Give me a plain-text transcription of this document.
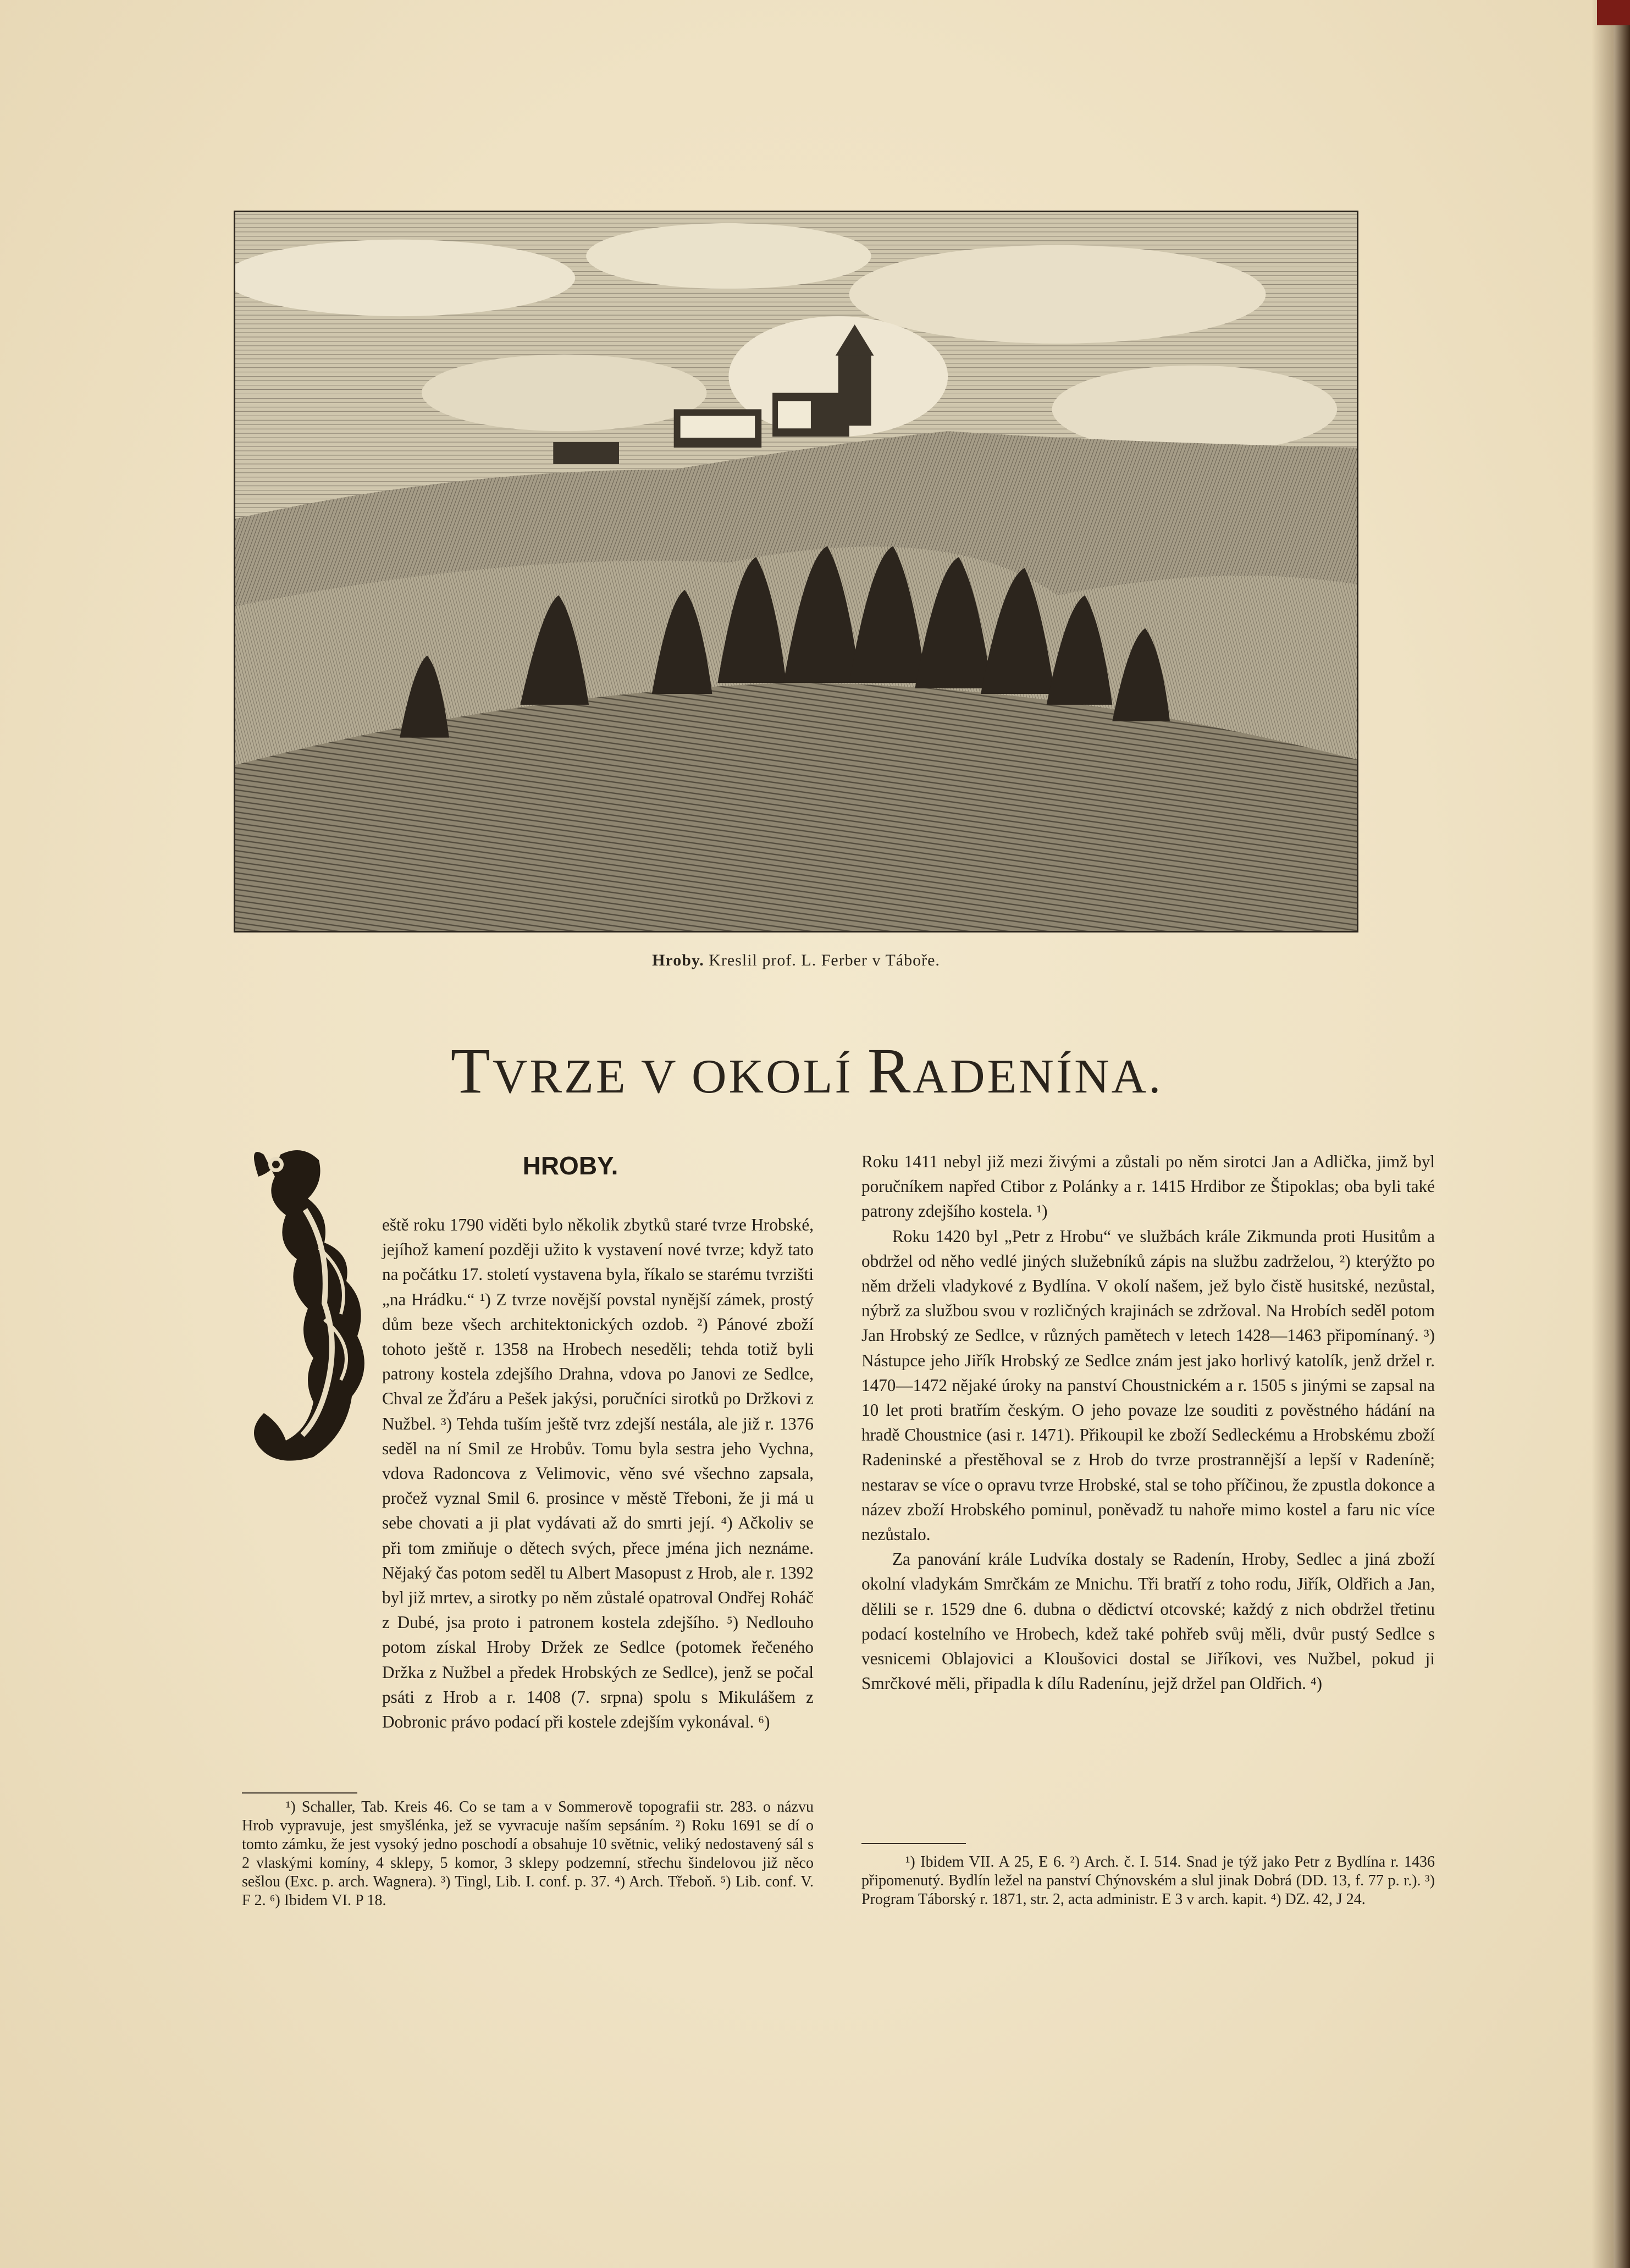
Hroby. Kreslil prof. L. Ferber v Táboře.
TVRZE V OKOLÍ RADENÍNA.
HROBY.

eště roku 1790 viděti bylo několik zbytků staré tvrze Hrobské, jejíhož kamení později užito k vystavení nové tvrze; když tato na počátku 17. století vystavena byla, říkalo se starému tvrzišti „na Hrádku.“ ¹) Z tvrze novější povstal nynější zámek, prostý dům beze všech architektonických ozdob. ²) Pánové zboží tohoto ještě r. 1358 na Hrobech neseděli; tehda totiž byli patrony kostela zdejšího Drahna, vdova po Janovi ze Sedlce, Chval ze Žďáru a Pešek jakýsi, poručníci sirotků po Držkovi z Nužbel. ³) Tehda tuším ještě tvrz zdejší nestála, ale již r. 1376 seděl na ní Smil ze Hrobův. Tomu byla sestra jeho Vychna, vdova Radoncova z Velimovic, věno své všechno zapsala, pročež vyznal Smil 6. prosince v městě Třeboni, že ji má u sebe chovati a ji plat vydávati až do smrti její. ⁴) Ačkoliv se při tom zmiňuje o dětech svých, přece jména jich neznáme. Nějaký čas potom seděl tu Albert Masopust z Hrob, ale r. 1392 byl již mrtev, a sirotky po něm zůstalé opatroval Ondřej Roháč z Dubé, jsa proto i patronem kostela zdejšího. ⁵) Nedlouho potom získal Hroby Držek ze Sedlce (potomek řečeného Držka z Nužbel a předek Hrobských ze Sedlce), jenž se počal psáti z Hrob a r. 1408 (7. srpna) spolu s Mikulášem z Dobronic právo podací při kostele zdejším vykonával. ⁶)

¹) Schaller, Tab. Kreis 46. Co se tam a v Sommerově topografii str. 283. o názvu Hrob vypravuje, jest smyšlénka, jež se vyvracuje naším sepsáním. ²) Roku 1691 se dí o tomto zámku, že jest vysoký jedno poschodí a obsahuje 10 světnic, veliký nedostavený sál s 2 vlaskými komíny, 4 sklepy, 5 komor, 3 sklepy podzemní, střechu šindelovou již něco sešlou (Exc. p. arch. Wagnera). ³) Tingl, Lib. I. conf. p. 37. ⁴) Arch. Třeboň. ⁵) Lib. conf. V. F 2. ⁶) Ibidem VI. P 18.

Roku 1411 nebyl již mezi živými a zůstali po něm sirotci Jan a Adlička, jimž byl poručníkem napřed Ctibor z Polánky a r. 1415 Hrdibor ze Štipoklas; oba byli také patrony zdejšího kostela. ¹)

Roku 1420 byl „Petr z Hrobu“ ve službách krále Zikmunda proti Husitům a obdržel od něho vedlé jiných služebníků zápis na službu zadrželou, ²) kterýžto po něm drželi vladykové z Bydlína. V okolí našem, jež bylo čistě husitské, nezůstal, nýbrž za službou svou v rozličných krajinách se zdržoval. Na Hrobích seděl potom Jan Hrobský ze Sedlce, v různých pamětech v letech 1428—1463 připomínaný. ³) Nástupce jeho Jiřík Hrobský ze Sedlce znám jest jako horlivý katolík, jenž držel r. 1470—1472 nějaké úroky na panství Choustnickém a r. 1505 s jinými se zapsal na 10 let proti bratřím českým. O jeho povaze lze souditi z pověstného hádání na hradě Choustnice (asi r. 1471). Přikoupil ke zboží Sedleckému a Hrobskému zboží Radeninské a přestěhoval se z Hrob do tvrze prostrannější a lepší v Radeníně; nestarav se více o opravu tvrze Hrobské, stal se toho příčinou, že zpustla dokonce a název zboží Hrobského pominul, poněvadž tu nahoře mimo kostel a faru nic více nezůstalo.

Za panování krále Ludvíka dostaly se Radenín, Hroby, Sedlec a jiná zboží okolní vladykám Smrčkám ze Mnichu. Tři bratří z toho rodu, Jiřík, Oldřich a Jan, dělili se r. 1529 dne 6. dubna o dědictví otcovské; každý z nich obdržel třetinu podací kostelního ve Hrobech, kdež také pohřeb svůj měli, dvůr pustý Sedlce s vesnicemi Oblajovici a Kloušovici dostal se Jiříkovi, ves Nužbel, pokud ji Smrčkové měli, připadla k dílu Radenínu, jejž držel pan Oldřich. ⁴)

¹) Ibidem VII. A 25, E 6. ²) Arch. č. I. 514. Snad je týž jako Petr z Bydlína r. 1436 připomenutý. Bydlín ležel na panství Chýnovském a slul jinak Dobrá (DD. 13, f. 77 p. r.). ³) Program Táborský r. 1871, str. 2, acta administr. E 3 v arch. kapit. ⁴) DZ. 42, J 24.
